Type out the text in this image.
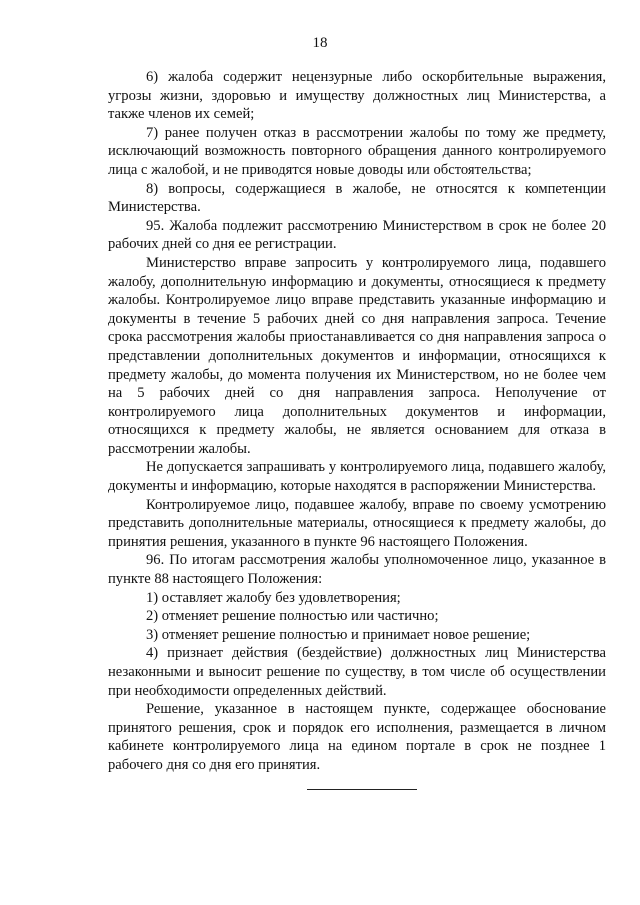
18

6) жалоба содержит нецензурные либо оскорбительные выражения, угрозы жизни, здоровью и имуществу должностных лиц Министерства, а также членов их семей;

7) ранее получен отказ в рассмотрении жалобы по тому же предмету, исключающий возможность повторного обращения данного контролируемого лица с жалобой, и не приводятся новые доводы или обстоятельства;

8) вопросы, содержащиеся в жалобе, не относятся к компетенции Министерства.

95. Жалоба подлежит рассмотрению Министерством в срок не более 20 рабочих дней со дня ее регистрации.

Министерство вправе запросить у контролируемого лица, подавшего жалобу, дополнительную информацию и документы, относящиеся к предмету жалобы. Контролируемое лицо вправе представить указанные информацию и документы в течение 5 рабочих дней со дня направления запроса. Течение срока рассмотрения жалобы приостанавливается со дня направления запроса о представлении дополнительных документов и информации, относящихся к предмету жалобы, до момента получения их Министерством, но не более чем на 5 рабочих дней со дня направления запроса. Неполучение от контролируемого лица дополнительных документов и информации, относящихся к предмету жалобы, не является основанием для отказа в рассмотрении жалобы.

Не допускается запрашивать у контролируемого лица, подавшего жалобу, документы и информацию, которые находятся в распоряжении Министерства.

Контролируемое лицо, подавшее жалобу, вправе по своему усмотрению представить дополнительные материалы, относящиеся к предмету жалобы, до принятия решения, указанного в пункте 96 настоящего Положения.

96. По итогам рассмотрения жалобы уполномоченное лицо, указанное в пункте 88 настоящего Положения:

1) оставляет жалобу без удовлетворения;

2) отменяет решение полностью или частично;

3) отменяет решение полностью и принимает новое решение;

4) признает действия (бездействие) должностных лиц Министерства незаконными и выносит решение по существу, в том числе об осуществлении при необходимости определенных действий.

Решение, указанное в настоящем пункте, содержащее обоснование принятого решения, срок и порядок его исполнения, размещается в личном кабинете контролируемого лица на едином портале в срок не позднее 1 рабочего дня со дня его принятия.
